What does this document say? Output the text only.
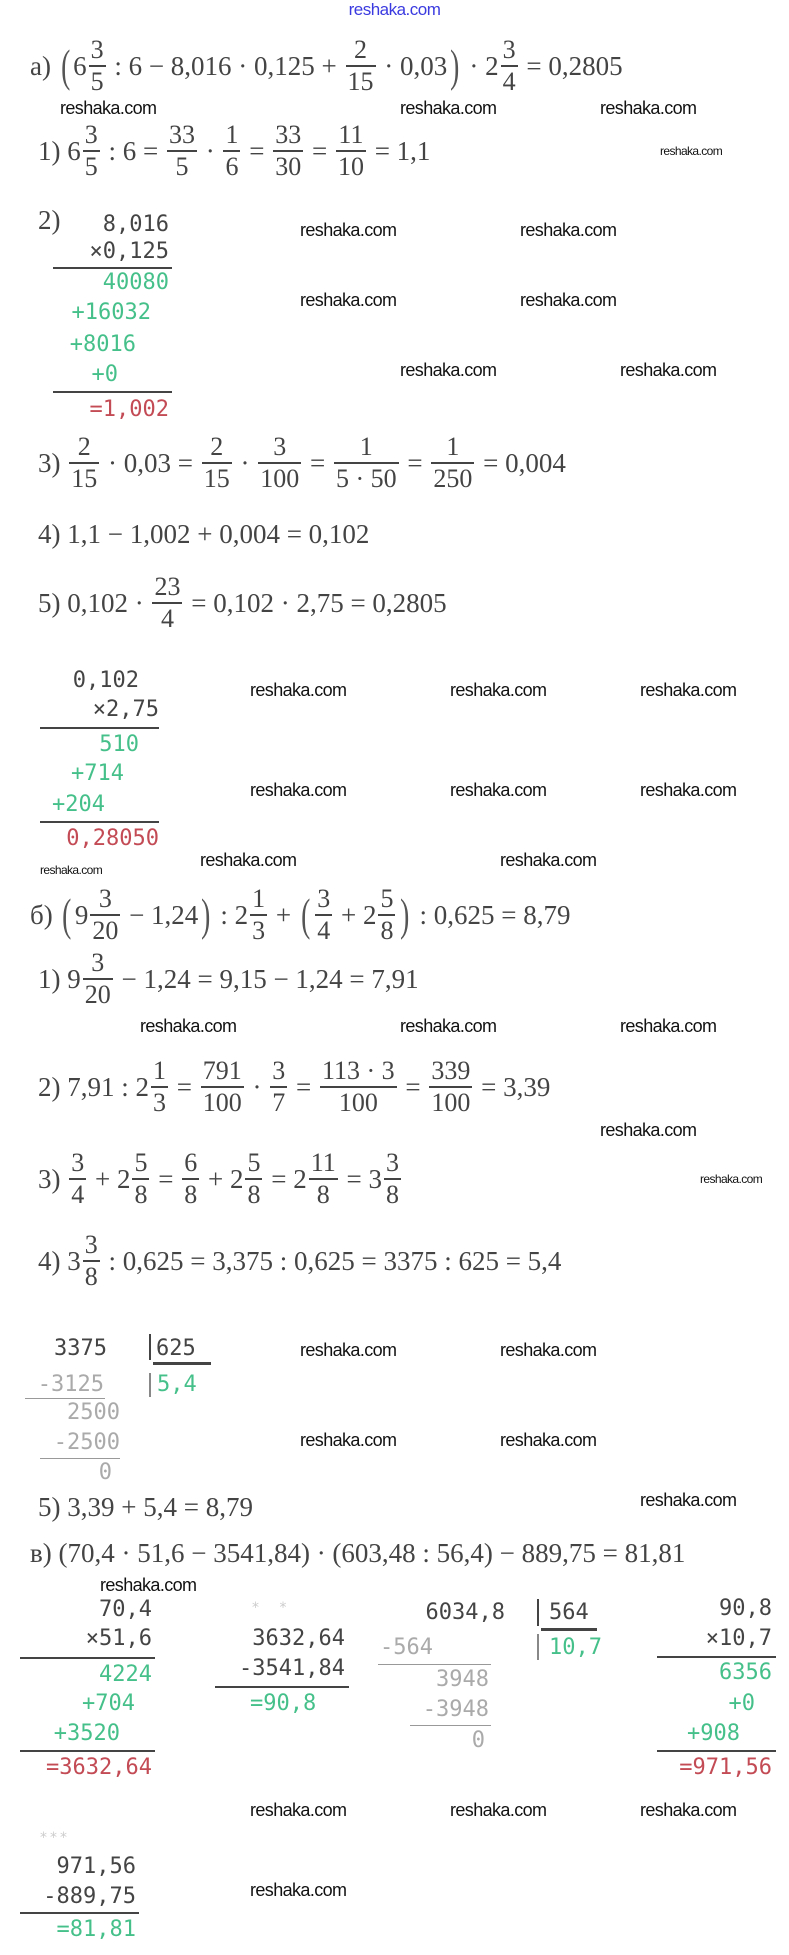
reshaka.com
а) ( $6 \frac{3}{5}$ : $6 - 8,016 \cdot 0,125 + \frac{2}{15} \cdot 0,03$ ) · $2 \frac{3}{4} = 0,2805$
1) $6 \frac{3}{5}$ : $6 = \frac{33}{5} \cdot \frac{1}{6} = \frac{33}{30} = \frac{11}{10} = 1,1$
2)
$3) \frac{2}{15} \cdot 0,03 = \frac{2}{15} \cdot \frac{3}{100} = \frac{1}{5 \cdot 50} = \frac{1}{250} = 0,004$
4) 1,1 − 1,002 + 0,004 = 0,102
5) $0,102 \cdot \frac{23}{4} = 0,102 \cdot 2,75 = 0,2805$
б) ( $9 \frac{3}{20} - 1,24$ ) : $2 \frac{1}{3}$ + ( $\frac{3}{4} + 2 \frac{5}{8}$ ) : 0,625 = 8,79
1) $9 \frac{3}{20} - 1,24 = 9,15 - 1,24 = 7,91$
2) 7,91 : $2 \frac{1}{3} = \frac{791}{100} \cdot \frac{3}{7} = \frac{113 \cdot 3}{100} = \frac{339}{100} = 3,39$
$3) \frac{3}{4} + 2 \frac{5}{8} = \frac{6}{8} + 2 \frac{5}{8} = 2 \frac{11}{8} = 3 \frac{3}{8}$
4) $3 \frac{3}{8}$ : 0,625 = 3,375 : 0,625 = 3375 : 625 = 5,4
5) 3,39 + 5,4 = 8,79
в) (70,4 · 51,6 − 3541,84) · (603,48 : 56,4) − 889,75 = 81,81
8,016
×0,125
40080
+16032
+8016
+0
=1,002
0,102
×2,75
510
+714
+204
0,28050
3375 625
5,4
-3125
2500
-2500
0
70,4
×51,6
4224
+704
+3520
=3632,64
* *
3632,64
-3541,84
=90,8
6034,8 564
10,7
-564
3948
-3948
0
90,8
×10,7
6356
+0
+908
=971,56
***
971,56
-889,75
=81,81
reshaka.com	reshaka.com	reshaka.com
reshaka.com	reshaka.com
reshaka.com	reshaka.com
reshaka.com	reshaka.com
reshaka.com	reshaka.com	reshaka.com
reshaka.com	reshaka.com	reshaka.com
reshaka.com	reshaka.com
reshaka.com	reshaka.com	reshaka.com
reshaka.com
reshaka.com	reshaka.com
reshaka.com	reshaka.com
reshaka.com
reshaka.com
reshaka.com	reshaka.com	reshaka.com
reshaka.com
reshaka.com
reshaka.com
reshaka.com
